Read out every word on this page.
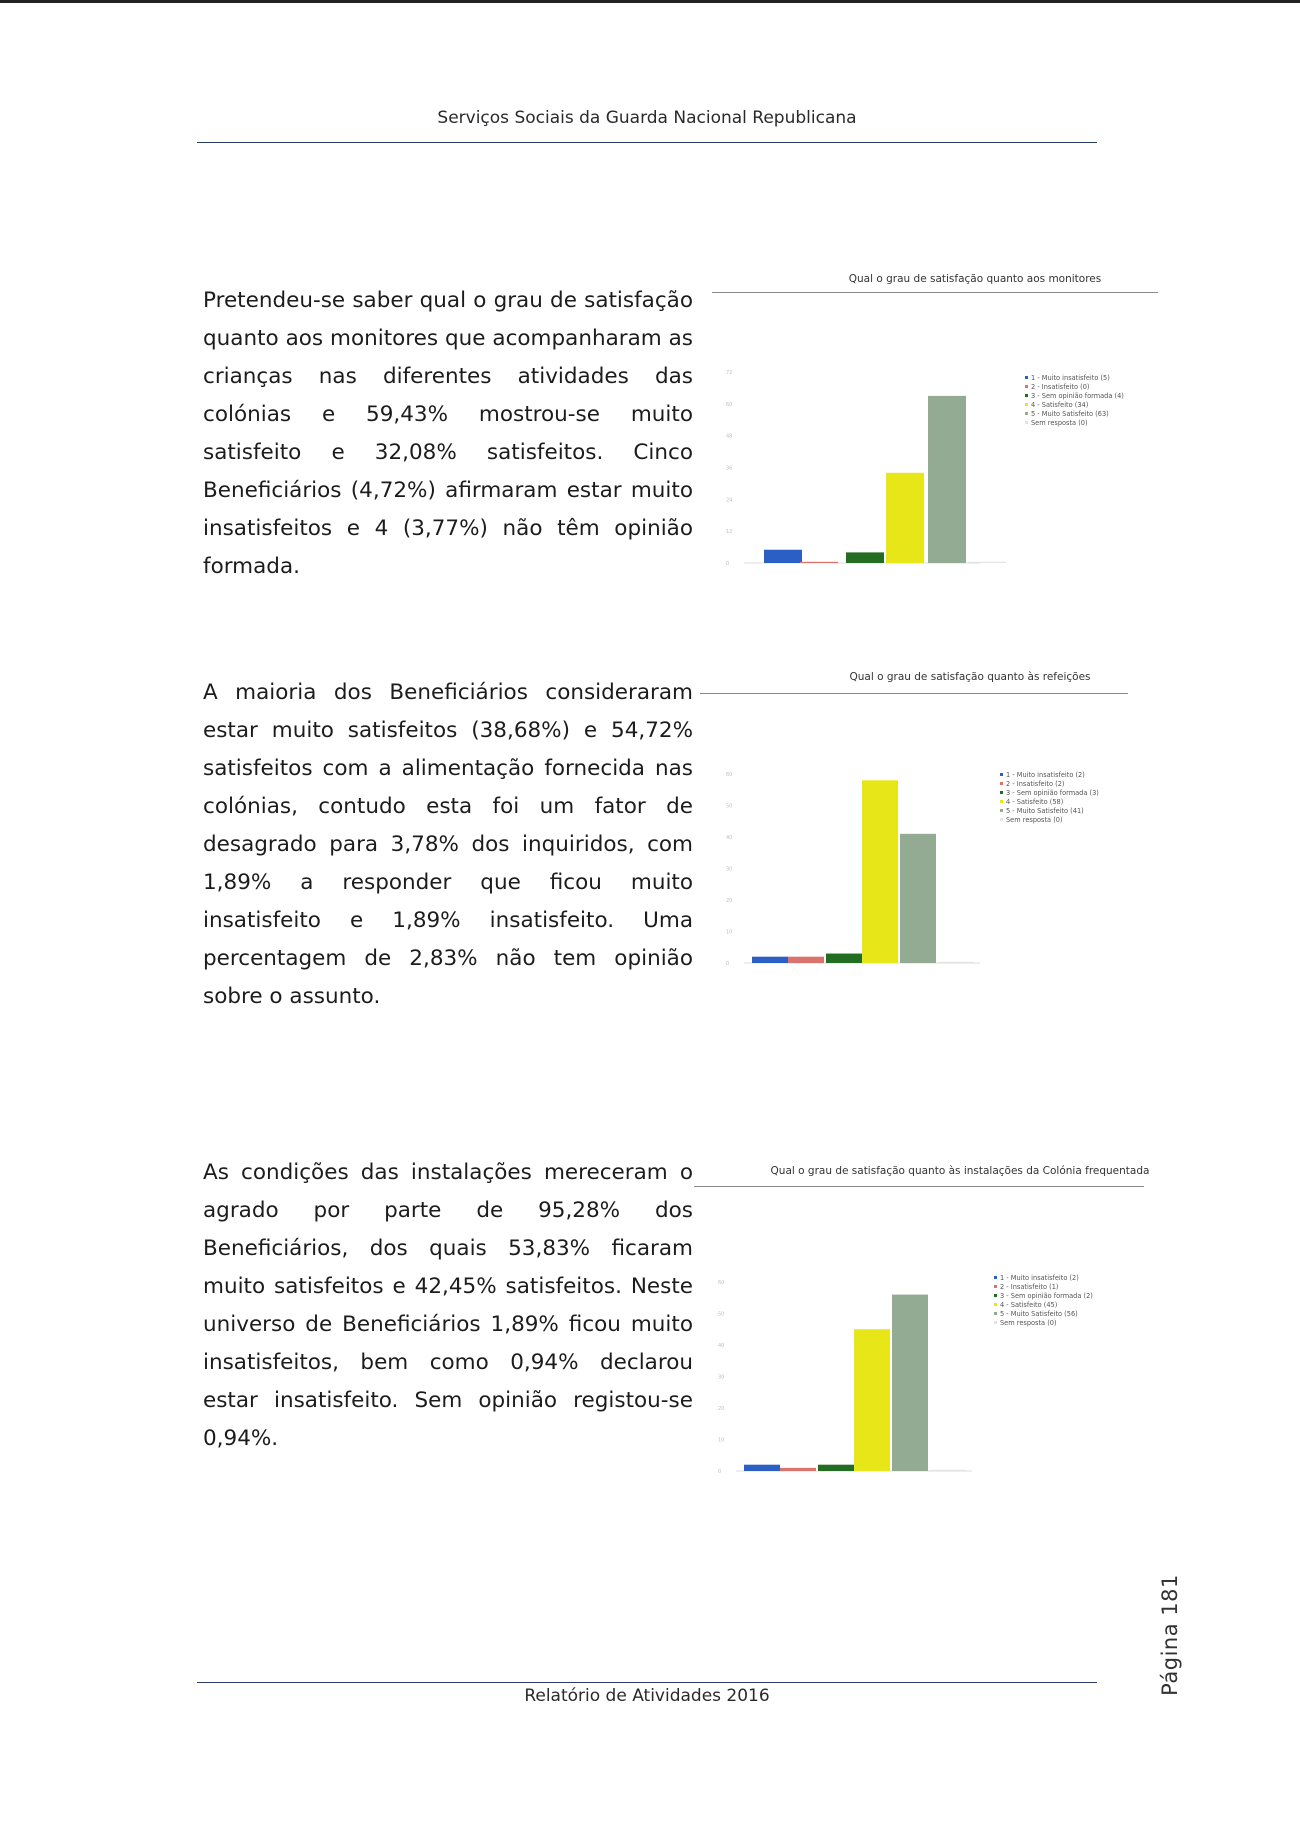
Serviços Sociais da Guarda Nacional Republicana
Pretendeu-se saber qual o grau de satisfação quanto aos monitores que acompanharam as crianças nas diferentes atividades das colónias e 59,43% mostrou-se muito satisfeito e 32,08% satisfeitos. Cinco Beneficiários (4,72%) afirmaram estar muito insatisfeitos e 4 (3,77%) não têm opinião formada.
Qual o grau de satisfação quanto aos monitores
0
12
24
36
48
60
72
1 - Muito insatisfeito (5)
2 - Insatisfeito (0)
3 - Sem opinião formada (4)
4 - Satisfeito (34)
5 - Muito Satisfeito (63)
Sem resposta (0)
A maioria dos Beneficiários consideraram estar muito satisfeitos (38,68%) e 54,72% satisfeitos com a alimentação fornecida nas colónias, contudo esta foi um fator de desagrado para 3,78% dos inquiridos, com 1,89% a responder que ficou muito insatisfeito e 1,89% insatisfeito. Uma percentagem de 2,83% não tem opinião sobre o assunto.
Qual o grau de satisfação quanto às refeições
0
10
20
30
40
50
60	1 - Muito insatisfeito (2)
2 - Insatisfeito (2)
3 - Sem opinião formada (3)
4 - Satisfeito (58)
5 - Muito Satisfeito (41)
Sem resposta (0)
As condições das instalações mereceram o agrado por parte de 95,28% dos Beneficiários, dos quais 53,83% ficaram muito satisfeitos e 42,45% satisfeitos. Neste universo de Beneficiários 1,89% ficou muito insatisfeitos, bem como 0,94% declarou estar insatisfeito. Sem opinião registou-se 0,94%.
Qual o grau de satisfação quanto às instalações da Colónia frequentada
0
10
20
30
40
50
60
1 - Muito insatisfeito (2)
2 - Insatisfeito (1)
3 - Sem opinião formada (2)
4 - Satisfeito (45)
5 - Muito Satisfeito (56)
Sem resposta (0)
Página 181
Relatório de Atividades 2016
